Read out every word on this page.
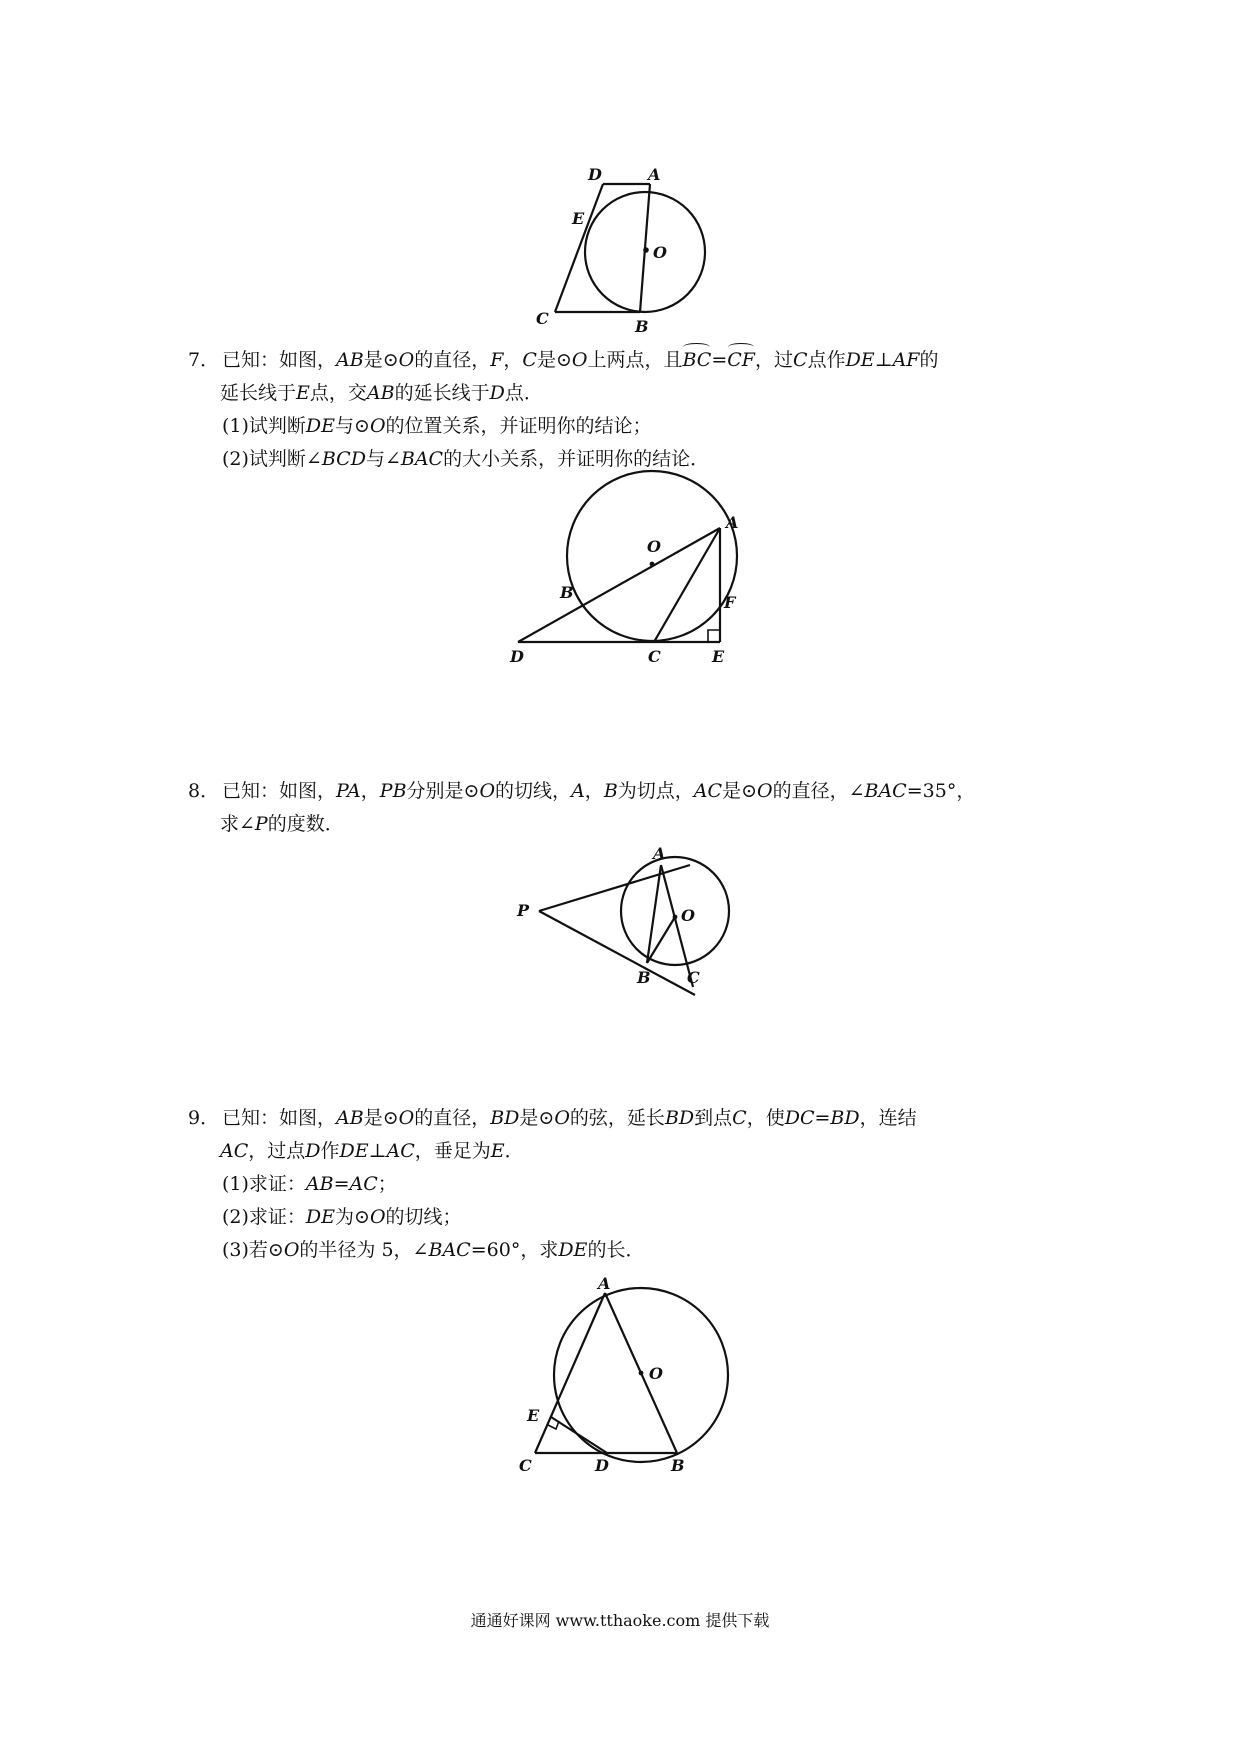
D	A
E
O
C	B
7． 已知：如图，AB是⊙O的直径，F，C是⊙O上两点，且BC=CF，过C点作DE⊥AF的
延长线于E点，交AB的延长线于D点．
(1)试判断DE与⊙O的位置关系，并证明你的结论；
(2)试判断∠BCD与∠BAC的大小关系，并证明你的结论．
A
O
B
F
D	C	E
8． 已知：如图，PA，PB分别是⊙O的切线，A，B为切点，AC是⊙O的直径，∠BAC=35°，
求∠P的度数．
A
P	O
B C
9． 已知：如图，AB是⊙O的直径，BD是⊙O的弦，延长BD到点C，使DC=BD，连结
AC，过点D作DE⊥AC，垂足为E．
(1)求证：AB=AC；
(2)求证：DE为⊙O的切线；
(3)若⊙O的半径为 5，∠BAC=60°，求DE的长．
A
O
E
C	D	B
通通好课网 www.tthaoke.com 提供下载
